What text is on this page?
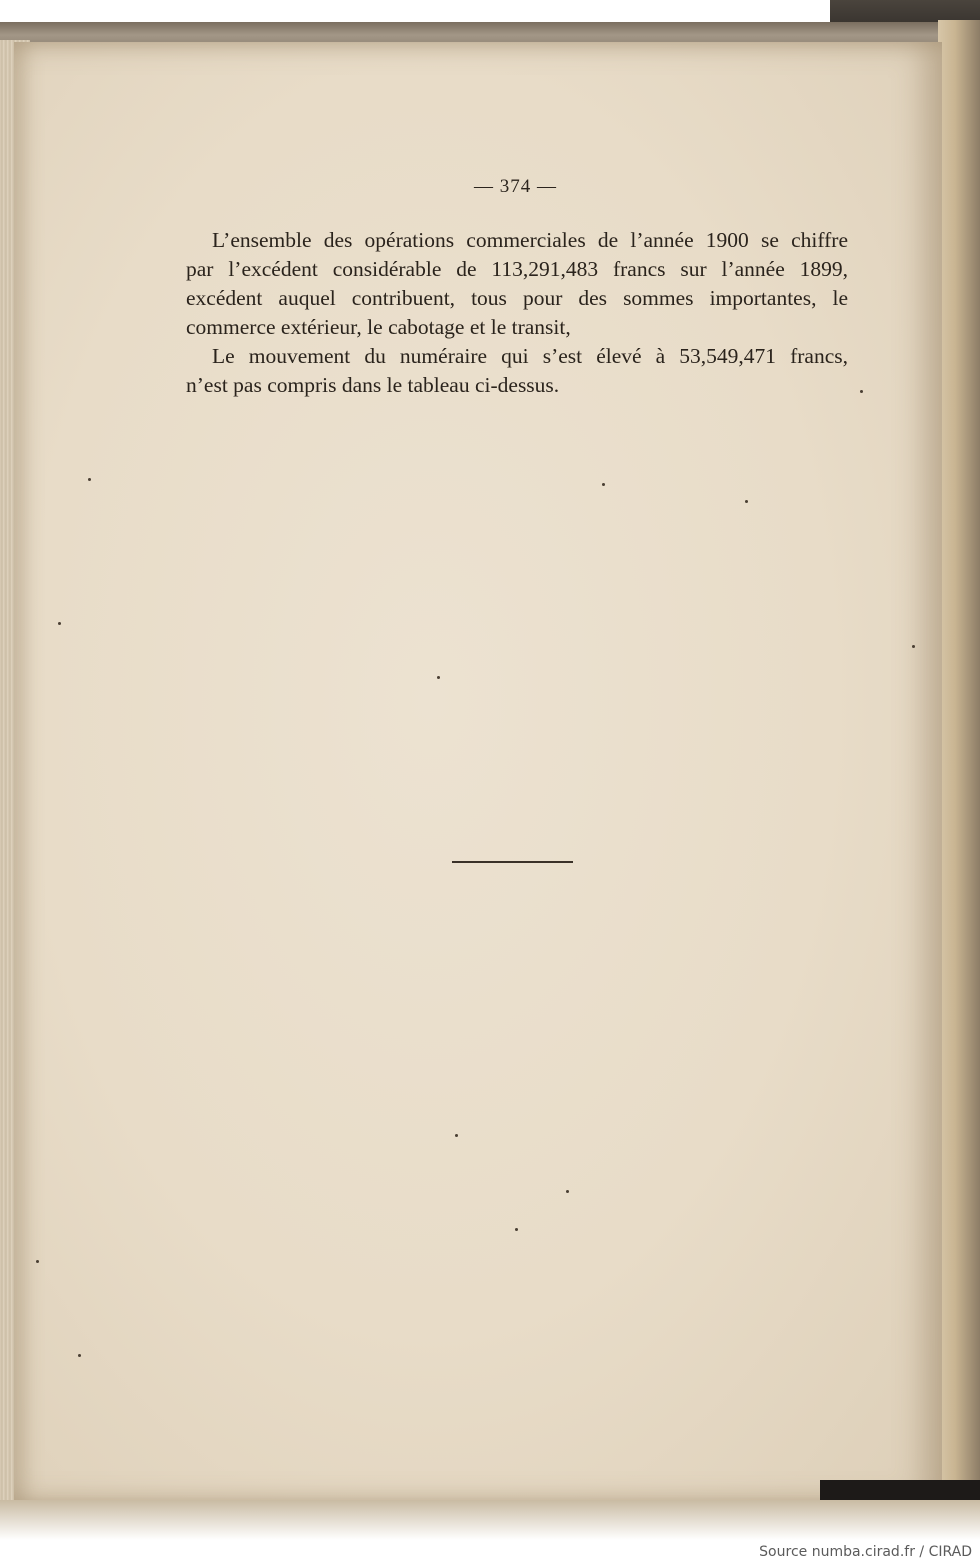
— 374 —
L’ensemble des opérations commerciales de l’année 1900 se chiffre
par l’excédent considérable de 113,291,483 francs sur l’année 1899,
excédent auquel contribuent, tous pour des sommes importantes, le
commerce extérieur, le cabotage et le transit,
Le mouvement du numéraire qui s’est élevé à 53,549,471 francs,
n’est pas compris dans le tableau ci-dessus.
Source numba.cirad.fr / CIRAD
